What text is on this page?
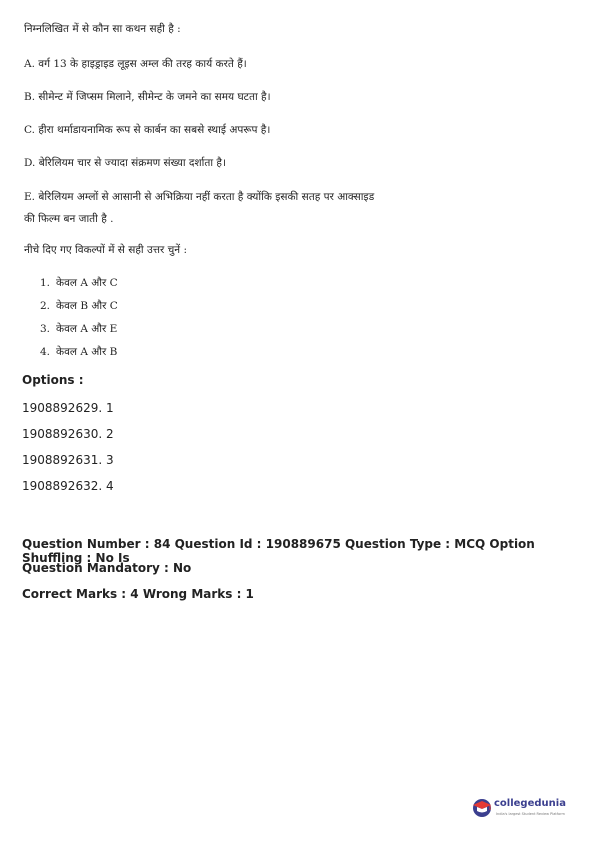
निम्नलिखित में से कौन सा कथन सही है :
A. वर्ग 13 के हाइड्राइड लूइस अम्ल की तरह कार्य करते हैं।
B. सीमेन्ट में जिप्सम मिलाने, सीमेन्ट के जमने का समय घटता है।
C. हीरा थर्माडायनामिक रूप से कार्बन का सबसे स्थाई अपरूप है।
D. बेरिलियम चार से ज्यादा संक्रमण संख्या दर्शाता है।
E. बेरिलियम अम्लों से आसानी से अभिक्रिया नहीं करता है क्योंकि इसकी सतह पर आक्साइड
की फिल्म बन जाती है .
नीचे दिए गए विकल्पों में से सही उत्तर चुनें :
1. केवल A और C
2. केवल B और C
3. केवल A और E
4. केवल A और B
Options :
1908892629. 1
1908892630. 2
1908892631. 3
1908892632. 4
Question Number : 84 Question Id : 190889675 Question Type : MCQ Option Shuffling : No Is
Question Mandatory : No
Correct Marks : 4 Wrong Marks : 1
collegedunia
India's largest Student Review Platform
